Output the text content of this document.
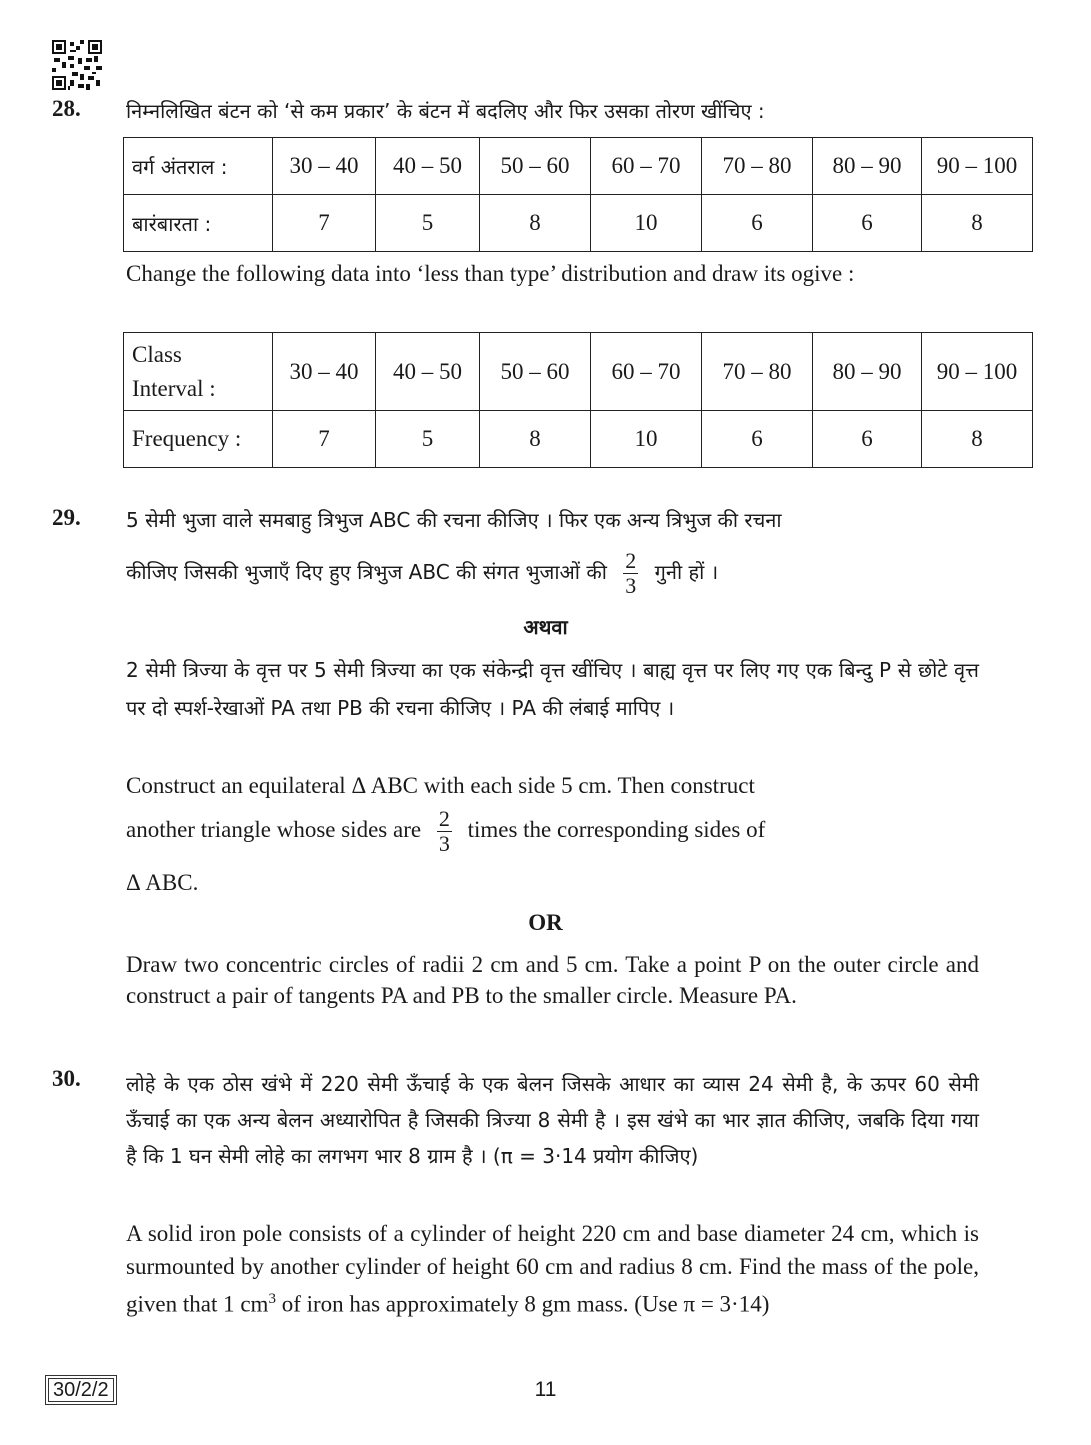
28. निम्नलिखित बंटन को ‘से कम प्रकार’ के बंटन में बदलिए और फिर उसका तोरण खींचिए :
वर्ग अंतराल :	30 – 40	40 – 50	50 – 60	60 – 70	70 – 80	80 – 90	90 – 100
बारंबारता :	7	5	8	10	6	6	8
Change the following data into ‘less than type’ distribution and draw its ogive :
Class
Interval :	30 – 40	40 – 50	50 – 60	60 – 70	70 – 80	80 – 90	90 – 100
Frequency :	7	5	8	10	6	6	8
29. 5 सेमी भुजा वाले समबाहु त्रिभुज ABC की रचना कीजिए । फिर एक अन्य त्रिभुज की रचना
कीजिए जिसकी भुजाएँ दिए हुए त्रिभुज ABC की संगत भुजाओं की $\frac{2}{3}$ गुनी हों ।
अथवा
2 सेमी त्रिज्या के वृत्त पर 5 सेमी त्रिज्या का एक संकेन्द्री वृत्त खींचिए । बाह्य वृत्त पर लिए गए एक बिन्दु P से छोटे वृत्त पर दो स्पर्श-रेखाओं PA तथा PB की रचना कीजिए । PA की लंबाई मापिए ।
Construct an equilateral Δ ABC with each side 5 cm. Then construct
another triangle whose sides are $\frac{2}{3}$ times the corresponding sides of
Δ ABC.
OR
Draw two concentric circles of radii 2 cm and 5 cm. Take a point P on the outer circle and construct a pair of tangents PA and PB to the smaller circle. Measure PA.
30. लोहे के एक ठोस खंभे में 220 सेमी ऊँचाई के एक बेलन जिसके आधार का व्यास 24 सेमी है, के ऊपर 60 सेमी ऊँचाई का एक अन्य बेलन अध्यारोपित है जिसकी त्रिज्या 8 सेमी है । इस खंभे का भार ज्ञात कीजिए, जबकि दिया गया है कि 1 घन सेमी लोहे का लगभग भार 8 ग्राम है । (π = 3·14 प्रयोग कीजिए)
A solid iron pole consists of a cylinder of height 220 cm and base diameter 24 cm, which is surmounted by another cylinder of height 60 cm and radius 8 cm. Find the mass of the pole, given that 1 $cm^3$ of iron has approximately 8 gm mass. (Use π = 3·14)
30/2/2	11
